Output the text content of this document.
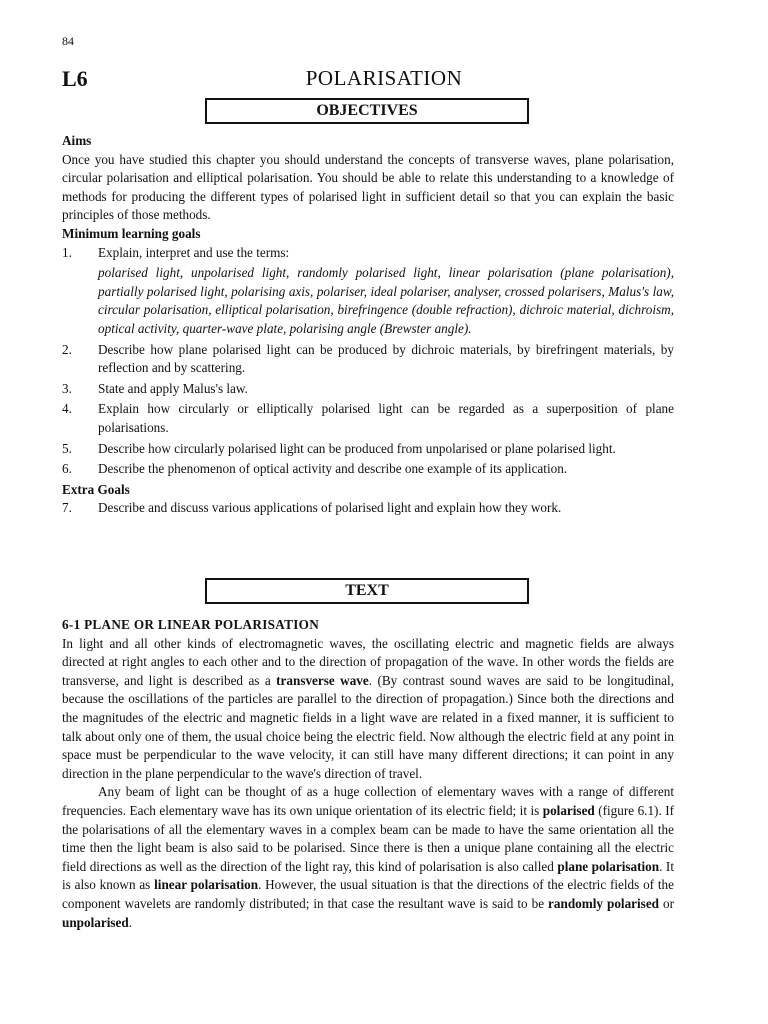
84
L6	POLARISATION
OBJECTIVES
Aims

Once you have studied this chapter you should understand the concepts of transverse waves, plane polarisation, circular polarisation and elliptical polarisation. You should be able to relate this understanding to a knowledge of methods for producing the different types of polarised light in sufficient detail so that you can explain the basic principles of those methods.

Minimum learning goals
1. Explain, interpret and use the terms:
polarised light, unpolarised light, randomly polarised light, linear polarisation (plane polarisation), partially polarised light, polarising axis, polariser, ideal polariser, analyser, crossed polarisers, Malus's law, circular polarisation, elliptical polarisation, birefringence (double refraction), dichroic material, dichroism, optical activity, quarter-wave plate, polarising angle (Brewster angle).
2. Describe how plane polarised light can be produced by dichroic materials, by birefringent materials, by reflection and by scattering.
3. State and apply Malus's law.
4. Explain how circularly or elliptically polarised light can be regarded as a superposition of plane polarisations.
5. Describe how circularly polarised light can be produced from unpolarised or plane polarised light.
6. Describe the phenomenon of optical activity and describe one example of its application.
Extra Goals
7. Describe and discuss various applications of polarised light and explain how they work.
TEXT
6-1 PLANE OR LINEAR POLARISATION

In light and all other kinds of electromagnetic waves, the oscillating electric and magnetic fields are always directed at right angles to each other and to the direction of propagation of the wave. In other words the fields are transverse, and light is described as a transverse wave. (By contrast sound waves are said to be longitudinal, because the oscillations of the particles are parallel to the direction of propagation.) Since both the directions and the magnitudes of the electric and magnetic fields in a light wave are related in a fixed manner, it is sufficient to talk about only one of them, the usual choice being the electric field. Now although the electric field at any point in space must be perpendicular to the wave velocity, it can still have many different directions; it can point in any direction in the plane perpendicular to the wave's direction of travel.

Any beam of light can be thought of as a huge collection of elementary waves with a range of different frequencies. Each elementary wave has its own unique orientation of its electric field; it is polarised (figure 6.1). If the polarisations of all the elementary waves in a complex beam can be made to have the same orientation all the time then the light beam is also said to be polarised. Since there is then a unique plane containing all the electric field directions as well as the direction of the light ray, this kind of polarisation is also called plane polarisation. It is also known as linear polarisation. However, the usual situation is that the directions of the electric fields of the component wavelets are randomly distributed; in that case the resultant wave is said to be randomly polarised or unpolarised.
